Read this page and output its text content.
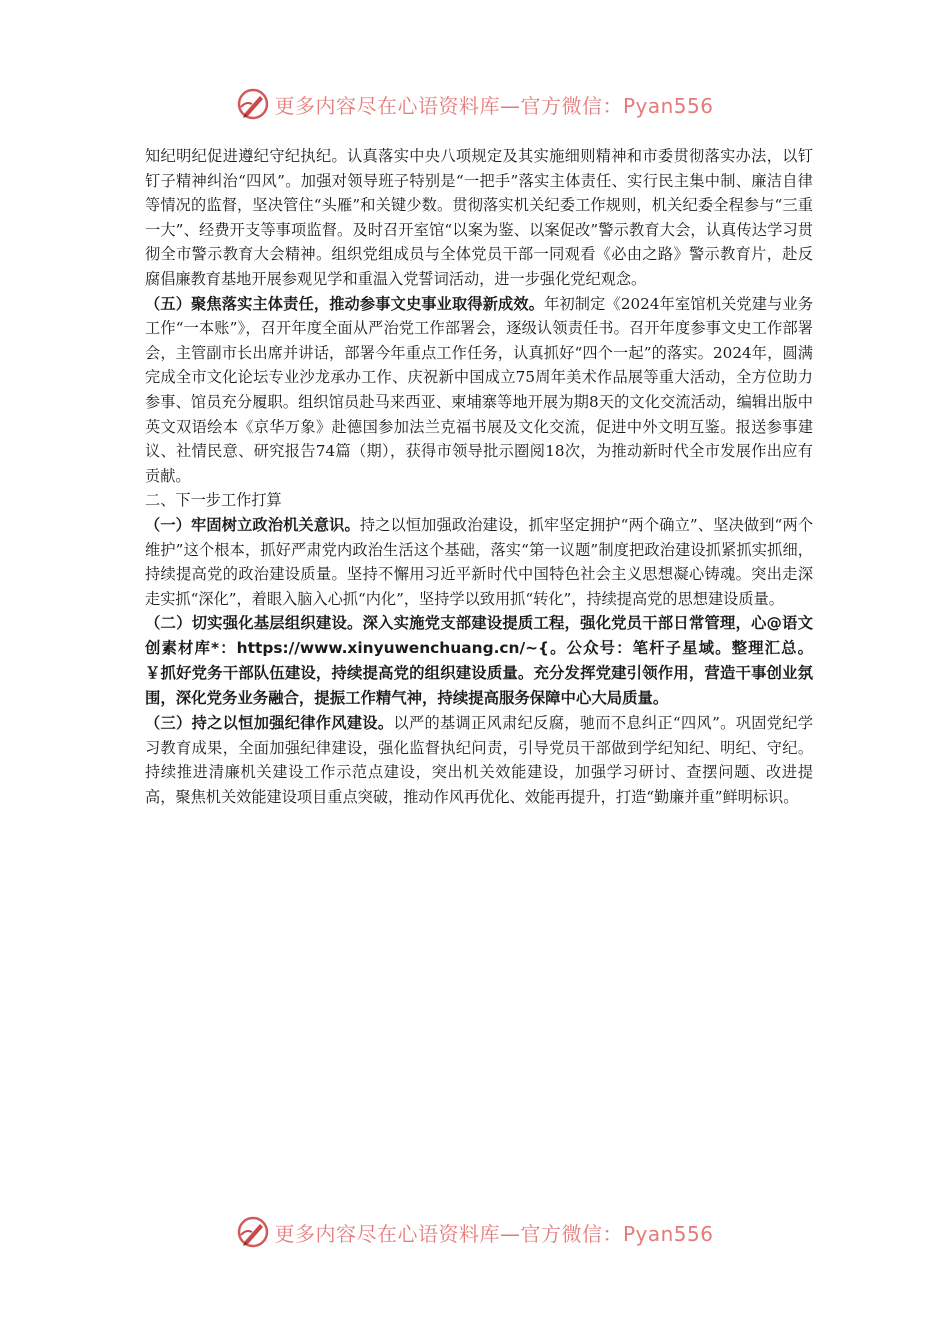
更多内容尽在心语资料库—官方微信：Pyan556

知纪明纪促进遵纪守纪执纪。认真落实中央八项规定及其实施细则精神和市委贯彻落实办法，以钉钉子精神纠治“四风”。加强对领导班子特别是“一把手”落实主体责任、实行民主集中制、廉洁自律等情况的监督，坚决管住“头雁”和关键少数。贯彻落实机关纪委工作规则，机关纪委全程参与“三重一大”、经费开支等事项监督。及时召开室馆“以案为鉴、以案促改”警示教育大会，认真传达学习贯彻全市警示教育大会精神。组织党组成员与全体党员干部一同观看《必由之路》警示教育片，赴反腐倡廉教育基地开展参观见学和重温入党誓词活动，进一步强化党纪观念。

（五）聚焦落实主体责任，推动参事文史事业取得新成效。年初制定《2024年室馆机关党建与业务工作“一本账”》，召开年度全面从严治党工作部署会，逐级认领责任书。召开年度参事文史工作部署会，主管副市长出席并讲话，部署今年重点工作任务，认真抓好“四个一起”的落实。2024年，圆满完成全市文化论坛专业沙龙承办工作、庆祝新中国成立75周年美术作品展等重大活动，全方位助力参事、馆员充分履职。组织馆员赴马来西亚、柬埔寨等地开展为期8天的文化交流活动，编辑出版中英文双语绘本《京华万象》赴德国参加法兰克福书展及文化交流，促进中外文明互鉴。报送参事建议、社情民意、研究报告74篇（期），获得市领导批示圈阅18次，为推动新时代全市发展作出应有贡献。

二、下一步工作打算

（一）牢固树立政治机关意识。持之以恒加强政治建设，抓牢坚定拥护“两个确立”、坚决做到“两个维护”这个根本，抓好严肃党内政治生活这个基础，落实“第一议题”制度把政治建设抓紧抓实抓细，持续提高党的政治建设质量。坚持不懈用习近平新时代中国特色社会主义思想凝心铸魂。突出走深走实抓“深化”，着眼入脑入心抓“内化”，坚持学以致用抓“转化”，持续提高党的思想建设质量。

（二）切实强化基层组织建设。深入实施党支部建设提质工程，强化党员干部日常管理，心@语文创素材库*：https://www.xinyuwenchuang.cn/~{。公众号：笔杆子星域。整理汇总。￥抓好党务干部队伍建设，持续提高党的组织建设质量。充分发挥党建引领作用，营造干事创业氛围，深化党务业务融合，提振工作精气神，持续提高服务保障中心大局质量。

（三）持之以恒加强纪律作风建设。以严的基调正风肃纪反腐，驰而不息纠正“四风”。巩固党纪学习教育成果，全面加强纪律建设，强化监督执纪问责，引导党员干部做到学纪知纪、明纪、守纪。持续推进清廉机关建设工作示范点建设，突出机关效能建设，加强学习研讨、查摆问题、改进提高，聚焦机关效能建设项目重点突破，推动作风再优化、效能再提升，打造“勤廉并重”鲜明标识。

更多内容尽在心语资料库—官方微信：Pyan556
